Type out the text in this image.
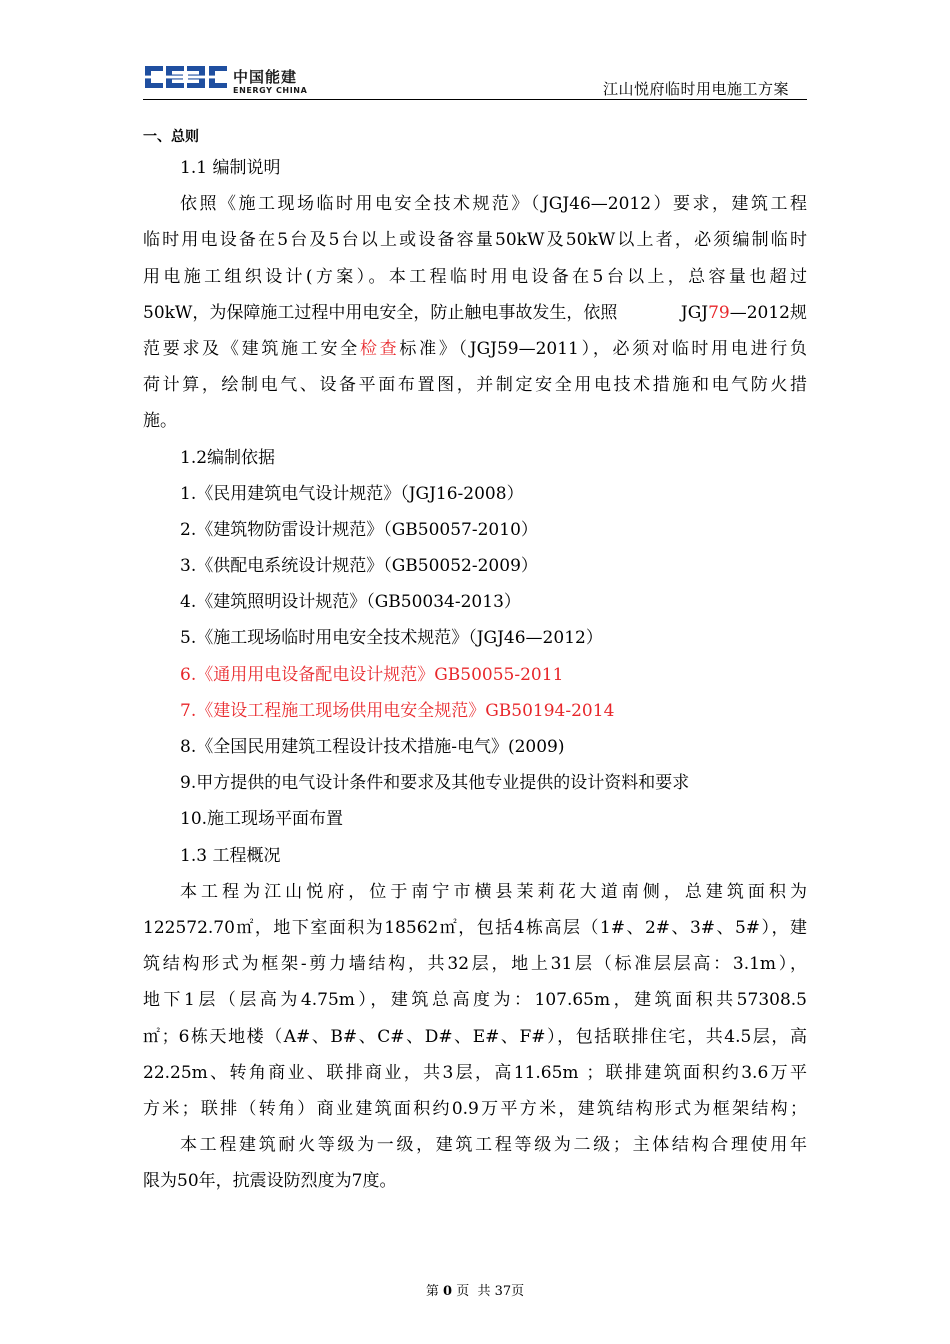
中国能建
ENERGY CHINA	江山悦府临时用电施工方案
一、总则
1.1 编制说明
依照《施工现场临时用电安全技术规范》（JGJ46—2012）要求，建筑工程
临时用电设备在5台及5台以上或设备容量50kW及50kW以上者，必须编制临时
用电施工组织设计(方案）。本工程临时用电设备在5台以上，总容量也超过
50kW，为保障施工过程中用电安全，防止触电事故发生，依照	JGJ79—2012规
范要求及《建筑施工安全检查标准》（JGJ59—2011），必须对临时用电进行负
荷计算，绘制电气、设备平面布置图，并制定安全用电技术措施和电气防火措
施。
1.2编制依据
1.《民用建筑电气设计规范》（JGJ16-2008）
2.《建筑物防雷设计规范》（GB50057-2010）
3.《供配电系统设计规范》（GB50052-2009）
4.《建筑照明设计规范》（GB50034-2013）
5.《施工现场临时用电安全技术规范》（JGJ46—2012）
6.《通用用电设备配电设计规范》GB50055-2011
7.《建设工程施工现场供用电安全规范》GB50194-2014
8.《全国民用建筑工程设计技术措施-电气》(2009)
9.甲方提供的电气设计条件和要求及其他专业提供的设计资料和要求
10.施工现场平面布置
1.3 工程概况
本工程为江山悦府，位于南宁市横县茉莉花大道南侧，总建筑面积为
122572.70㎡，地下室面积为18562㎡，包括4栋高层（1#、2#、3#、5#），建
筑结构形式为框架-剪力墙结构，共32层，地上31层（标准层层高：3.1m），
地下1层（层高为4.75m），建筑总高度为：107.65m，建筑面积共57308.5
㎡；6栋天地楼（A#、B#、C#、D#、E#、F#），包括联排住宅，共4.5层，高
22.25m、转角商业、联排商业，共3层，高11.65m ；联排建筑面积约3.6万平
方米；联排（转角）商业建筑面积约0.9万平方米，建筑结构形式为框架结构；
本工程建筑耐火等级为一级，建筑工程等级为二级；主体结构合理使用年
限为50年，抗震设防烈度为7度。
第 0 页  共 37页
